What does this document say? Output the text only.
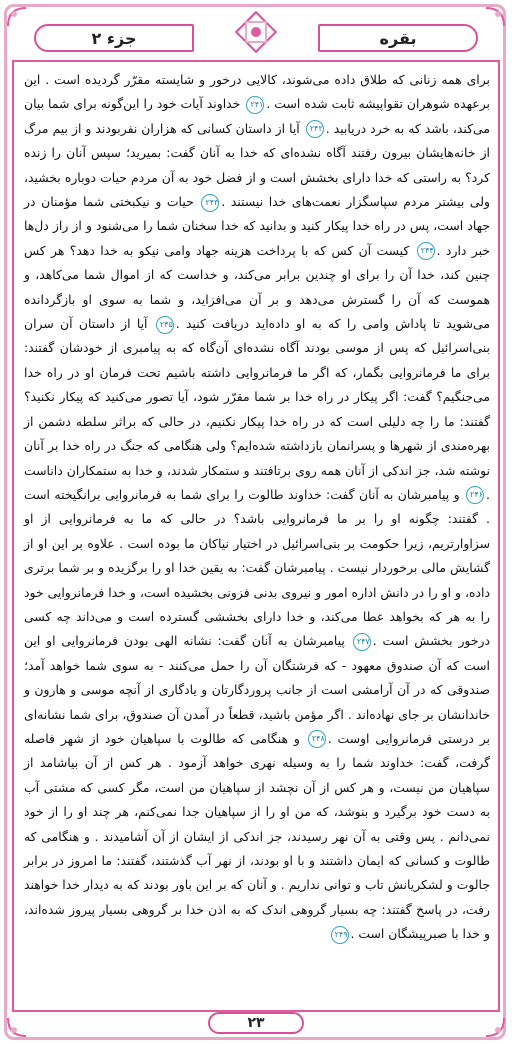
بقره
جزء ۲
برای همه زنانی که طلاق داده می‌شوند، کالایی درخور و شایسته مقرّر گردیده است . این برعهده شوهران تقواپیشه ثابت شده است .۲۴۱ خداوند آیات خود را این‌گونه برای شما بیان می‌کند، باشد که به خرد دریابید .۲۴۲ آیا از داستان کسانی که هزاران نفربودند و از بیم مرگ از خانه‌هایشان بیرون رفتند آگاه نشده‌ای که خدا به آنان گفت: بمیرید؛ سپس آنان را زنده کرد؟ به راستی که خدا دارای بخشش است و از فضل خود به آن مردم حیات دوباره بخشید، ولی بیشتر مردم سپاسگزار نعمت‌های خدا نیستند .۲۴۳ حیات و نیکبختی شما مؤمنان در جهاد است، پس در راه خدا پیکار کنید و بدانید که خدا سخنان شما را می‌شنود و از راز دل‌ها خبر دارد .۲۴۴ کیست آن کس که با پرداخت هزینه جهاد وامی نیکو به خدا دهد؟ هر کس چنین کند، خدا آن را برای او چندین برابر می‌کند، و خداست که از اموال شما می‌کاهد، و هموست که آن را گسترش می‌دهد و بر آن می‌افزاید، و شما به سوی او بازگردانده می‌شوید تا پاداش وامی را که به او داده‌اید دریافت کنید .۲۴۵ آیا از داستان آن سران بنی‌اسرائیل که پس از موسی بودند آگاه نشده‌ای آن‌گاه که به پیامبری از خودشان گفتند: برای ما فرمانروایی بگمار، که اگر ما فرمانروایی داشته باشیم تحت فرمان او در راه خدا می‌جنگیم؟ گفت: اگر پیکار در راه خدا بر شما مقرّر شود، آیا تصور می‌کنید که پیکار نکنید؟ گفتند: ما را چه دلیلی است که در راه خدا پیکار نکنیم، در حالی که براثر سلطه دشمن از بهره‌مندی از شهرها و پسرانمان بازداشته شده‌ایم؟ ولی هنگامی که جنگ در راه خدا بر آنان نوشته شد، جز اندکی از آنان همه روی برتافتند و ستمکار شدند، و خدا به ستمکاران داناست .۲۴۶ و پیامبرشان به آنان گفت: خداوند طالوت را برای شما به فرمانروایی برانگیخته است . گفتند: چگونه او را بر ما فرمانروایی باشد؟ در حالی که ما به فرمانروایی از او سزاوارتریم، زیرا حکومت بر بنی‌اسرائیل در اختیار نیاکان ما بوده است . علاوه بر این او از گشایش مالی برخوردار نیست . پیامبرشان گفت: به یقین خدا او را برگزیده و بر شما برتری داده، و او را در دانش اداره امور و نیروی بدنی فزونی بخشیده است، و خدا فرمانروایی خود را به هر که بخواهد عطا می‌کند، و خدا دارای بخششی گسترده است و می‌داند چه کسی درخور بخشش است .۲۴۷ پیامبرشان به آنان گفت: نشانه الهی بودن فرمانروایی او این است که آن صندوق معهود - که فرشتگان آن را حمل می‌کنند - به سوی شما خواهد آمد؛ صندوقی که در آن آرامشی است از جانب پروردگارتان و یادگاری از آنچه موسی و هارون و خاندانشان بر جای نهاده‌اند . اگر مؤمن باشید، قطعاً در آمدن آن صندوق، برای شما نشانه‌ای بر درستی فرمانروایی اوست .۲۴۸ و هنگامی که طالوت با سپاهیان خود از شهر فاصله گرفت، گفت: خداوند شما را به وسیله نهری خواهد آزمود . هر کس از آن بیاشامد از سپاهیان من نیست، و هر کس از آن نچشد از سپاهیان من است، مگر کسی که مشتی آب به دست خود برگیرد و بنوشد، که من او را از سپاهیان جدا نمی‌کنم، هر چند او را از خود نمی‌دانم . پس وقتی به آن نهر رسیدند، جز اندکی از ایشان از آن آشامیدند . و هنگامی که طالوت و کسانی که ایمان داشتند و با او بودند، از نهر آب گذشتند، گفتند: ما امروز در برابر جالوت و لشکریانش تاب و توانی نداریم . و آنان که بر این باور بودند که به دیدار خدا خواهند رفت، در پاسخ گفتند: چه بسیار گروهی اندک که به اذن خدا بر گروهی بسیار پیروز شده‌اند، و خدا با صبرپیشگان است .۲۴۹
۲۳
